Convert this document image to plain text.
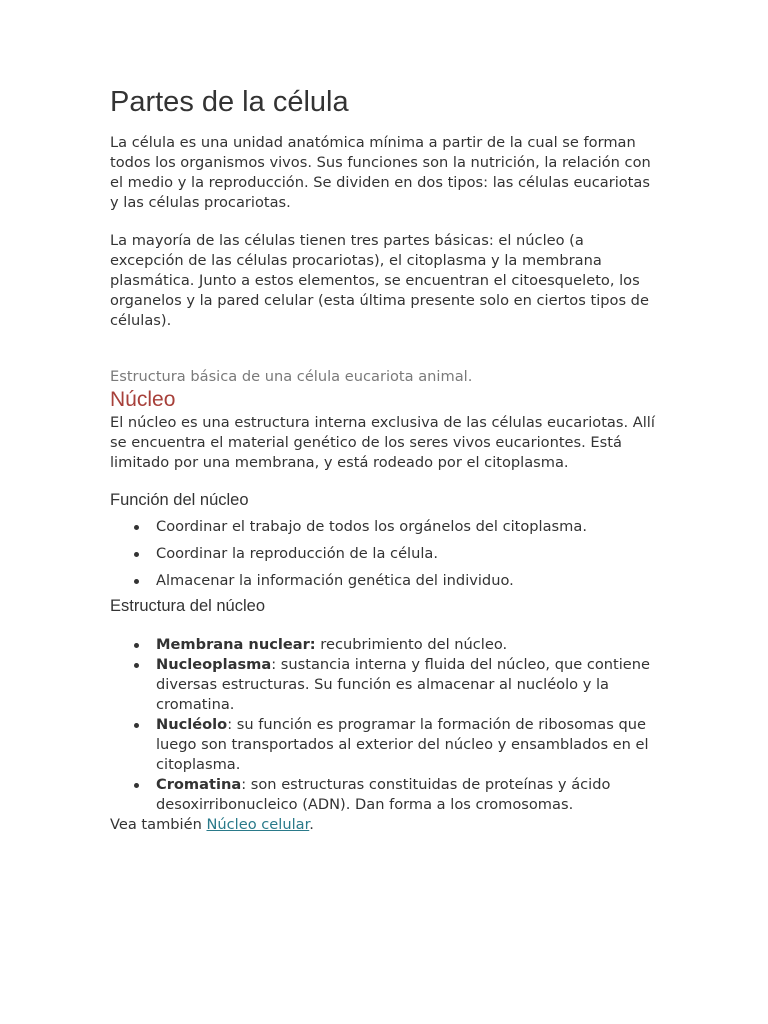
Partes de la célula

La célula es una unidad anatómica mínima a partir de la cual se forman todos los organismos vivos. Sus funciones son la nutrición, la relación con el medio y la reproducción. Se dividen en dos tipos: las células eucariotas y las células procariotas.

La mayoría de las células tienen tres partes básicas: el núcleo (a excepción de las células procariotas), el citoplasma y la membrana plasmática. Junto a estos elementos, se encuentran el citoesqueleto, los organelos y la pared celular (esta última presente solo en ciertos tipos de células).

Estructura básica de una célula eucariota animal.
Núcleo

El núcleo es una estructura interna exclusiva de las células eucariotas. Allí se encuentra el material genético de los seres vivos eucariontes. Está limitado por una membrana, y está rodeado por el citoplasma.

Función del núcleo
Coordinar el trabajo de todos los orgánelos del citoplasma.
Coordinar la reproducción de la célula.
Almacenar la información genética del individuo.
Estructura del núcleo
Membrana nuclear: recubrimiento del núcleo.
Nucleoplasma: sustancia interna y fluida del núcleo, que contiene diversas estructuras. Su función es almacenar al nucléolo y la cromatina.
Nucléolo: su función es programar la formación de ribosomas que luego son transportados al exterior del núcleo y ensamblados en el citoplasma.
Cromatina: son estructuras constituidas de proteínas y ácido desoxirribonucleico (ADN). Dan forma a los cromosomas.

Vea también Núcleo celular.
